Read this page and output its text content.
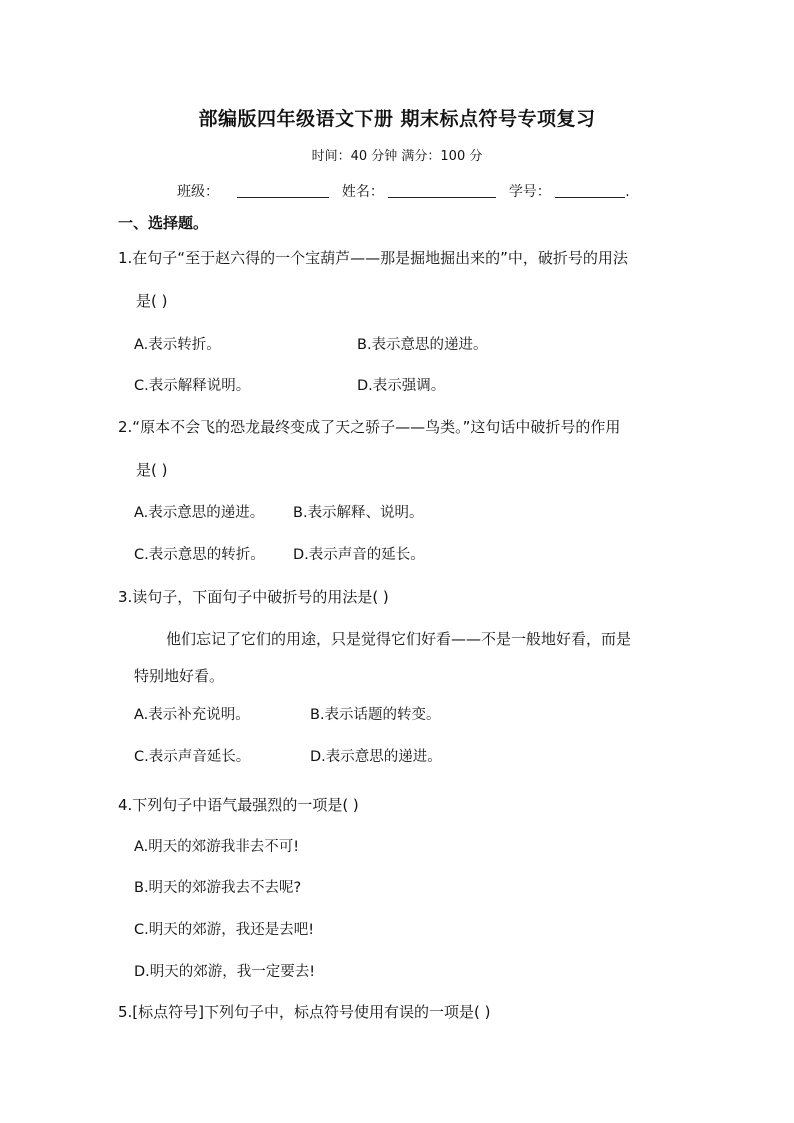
部编版四年级语文下册 期末标点符号专项复习
时间：40 分钟 满分：100 分
班级：	姓名：	学号：	.
一、选择题。
1.在句子“至于赵六得的一个宝葫芦——那是掘地掘出来的”中，破折号的用法
是( )
A.表示转折。	B.表示意思的递进。
C.表示解释说明。	D.表示强调。
2.“原本不会飞的恐龙最终变成了天之骄子——鸟类。”这句话中破折号的作用
是( )
A.表示意思的递进。 B.表示解释、说明。
C.表示意思的转折。 D.表示声音的延长。
3.读句子，下面句子中破折号的用法是( )
他们忘记了它们的用途，只是觉得它们好看——不是一般地好看，而是
特别地好看。
A.表示补充说明。	B.表示话题的转变。
C.表示声音延长。	D.表示意思的递进。
4.下列句子中语气最强烈的一项是( )
A.明天的郊游我非去不可!
B.明天的郊游我去不去呢?
C.明天的郊游，我还是去吧!
D.明天的郊游，我一定要去!
5.[标点符号]下列句子中，标点符号使用有误的一项是( )
